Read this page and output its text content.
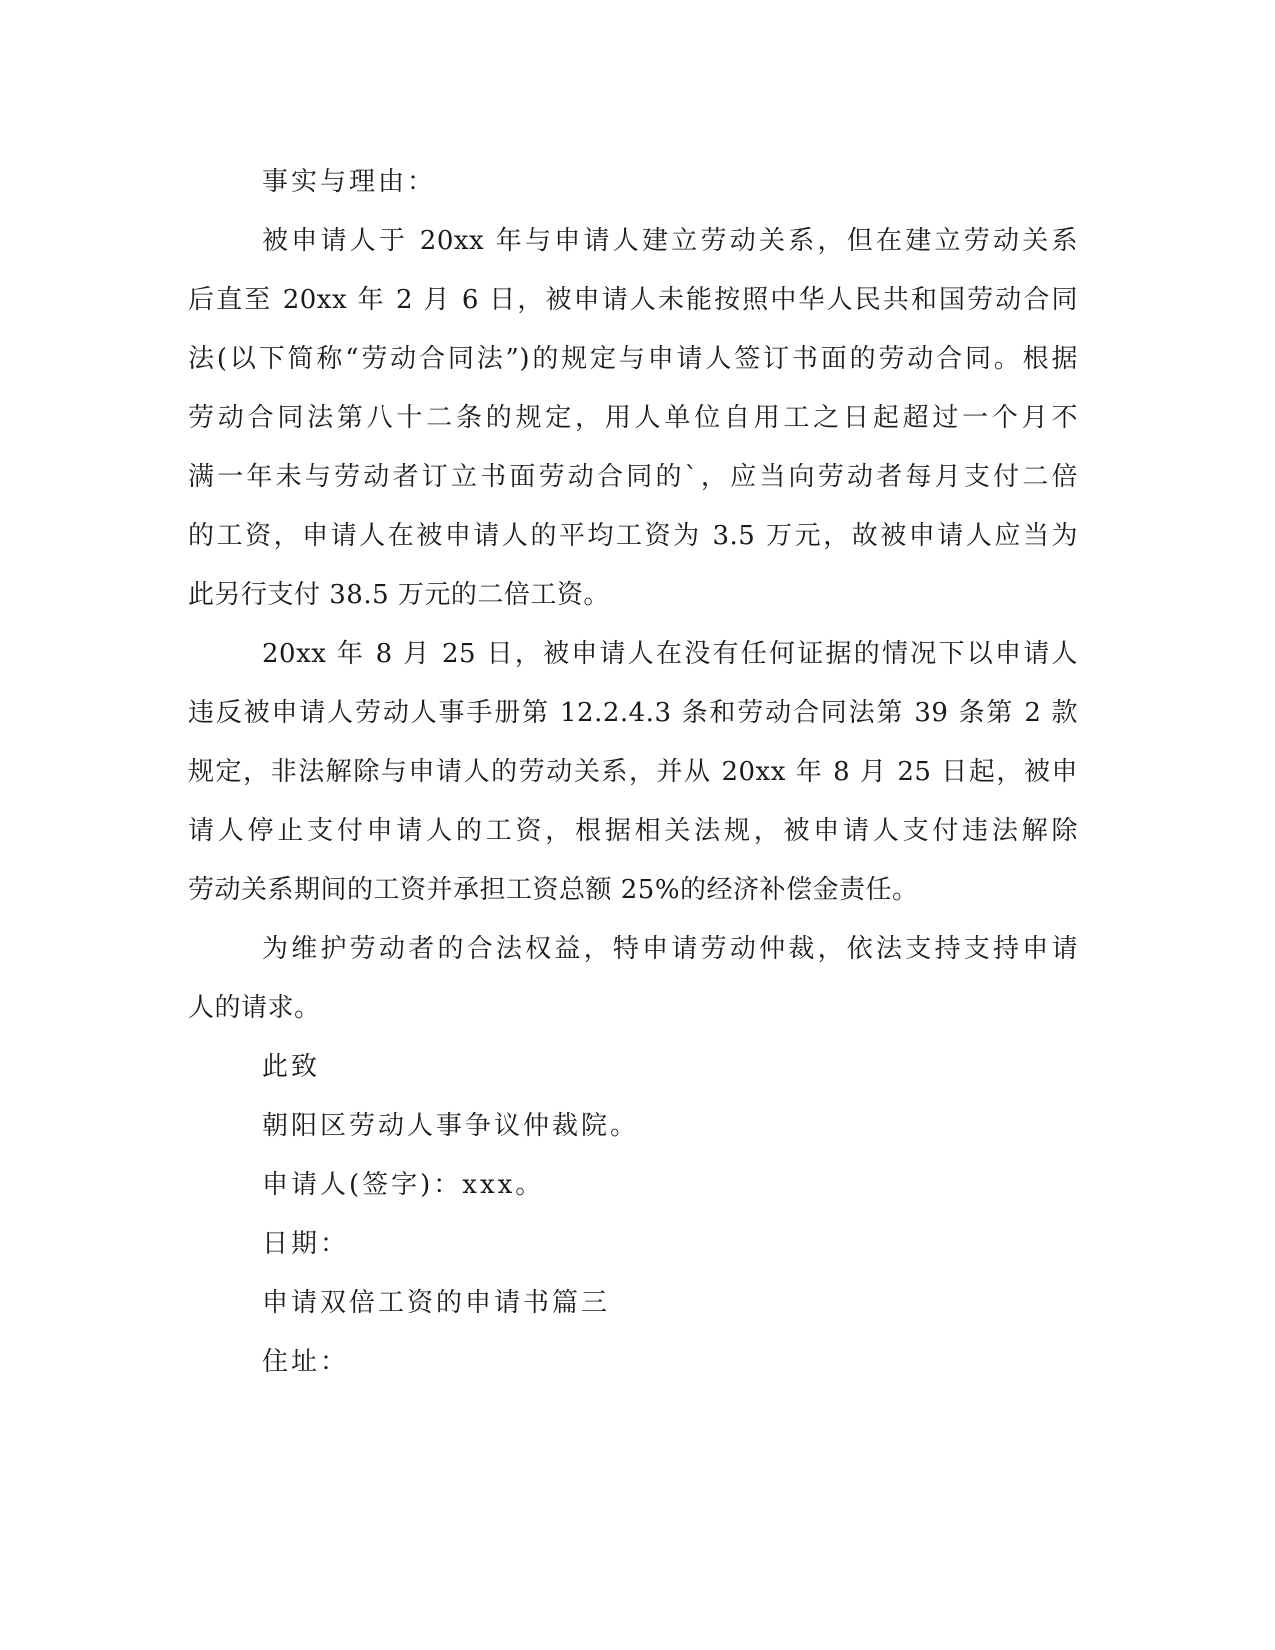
事实与理由：
被申请人于 20xx 年与申请人建立劳动关系，但在建立劳动关系
后直至 20xx 年 2 月 6 日，被申请人未能按照中华人民共和国劳动合同
法(以下简称“劳动合同法”)的规定与申请人签订书面的劳动合同。根据
劳动合同法第八十二条的规定，用人单位自用工之日起超过一个月不
满一年未与劳动者订立书面劳动合同的`，应当向劳动者每月支付二倍
的工资，申请人在被申请人的平均工资为 3.5 万元，故被申请人应当为
此另行支付 38.5 万元的二倍工资。
20xx 年 8 月 25 日，被申请人在没有任何证据的情况下以申请人
违反被申请人劳动人事手册第 12.2.4.3 条和劳动合同法第 39 条第 2 款
规定，非法解除与申请人的劳动关系，并从 20xx 年 8 月 25 日起，被申
请人停止支付申请人的工资，根据相关法规，被申请人支付违法解除
劳动关系期间的工资并承担工资总额 25%的经济补偿金责任。
为维护劳动者的合法权益，特申请劳动仲裁，依法支持支持申请
人的请求。
此致
朝阳区劳动人事争议仲裁院。
申请人(签字)：xxx。
日期：
申请双倍工资的申请书篇三
住址：
